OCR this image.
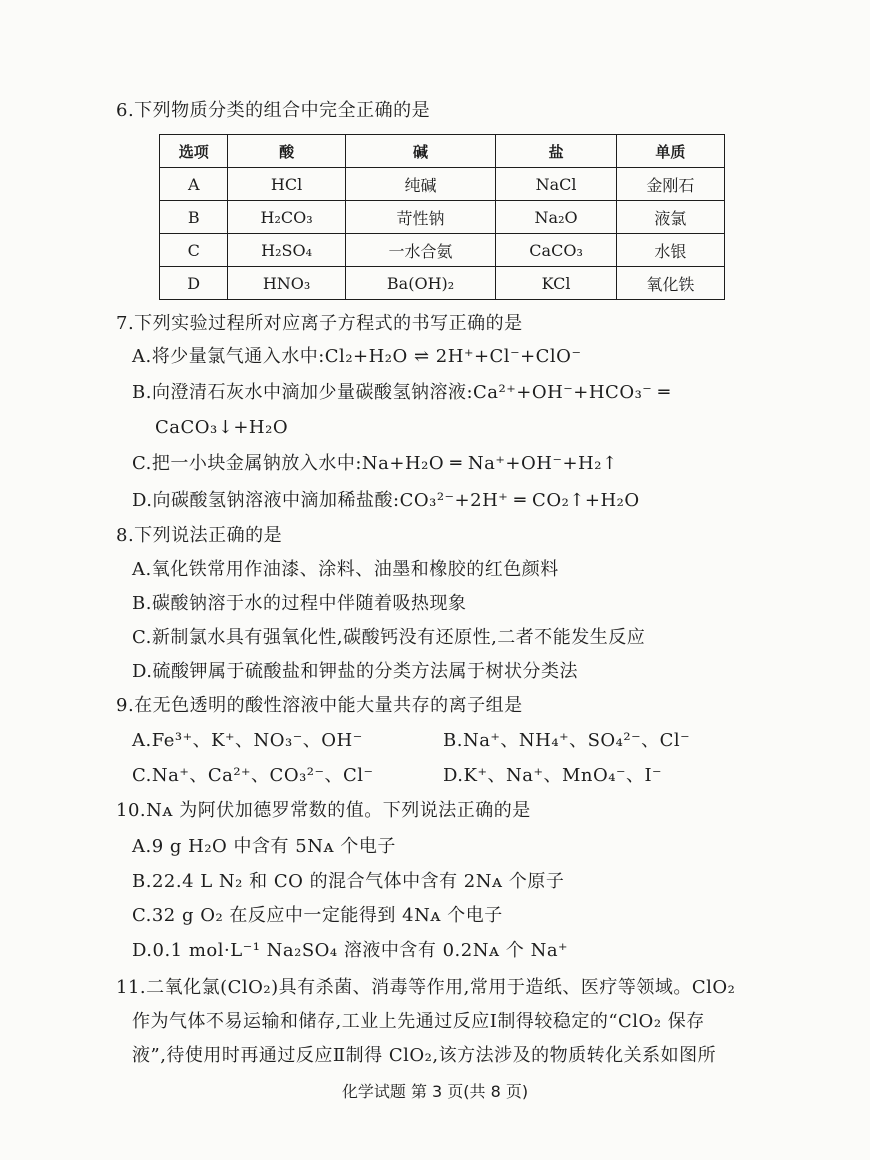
6.下列物质分类的组合中完全正确的是
选项	酸	碱	盐	单质
A	HCl	纯碱	NaCl	金刚石
B	H₂CO₃	苛性钠	Na₂O	液氯
C	H₂SO₄	一水合氨	CaCO₃	水银
D	HNO₃	Ba(OH)₂	KCl	氧化铁
7.下列实验过程所对应离子方程式的书写正确的是
A.将少量氯气通入水中:Cl₂+H₂O ⇌ 2H⁺+Cl⁻+ClO⁻
B.向澄清石灰水中滴加少量碳酸氢钠溶液:Ca²⁺+OH⁻+HCO₃⁻ ═
CaCO₃↓+H₂O
C.把一小块金属钠放入水中:Na+H₂O ═ Na⁺+OH⁻+H₂↑
D.向碳酸氢钠溶液中滴加稀盐酸:CO₃²⁻+2H⁺ ═ CO₂↑+H₂O
8.下列说法正确的是
A.氧化铁常用作油漆、涂料、油墨和橡胶的红色颜料
B.碳酸钠溶于水的过程中伴随着吸热现象
C.新制氯水具有强氧化性,碳酸钙没有还原性,二者不能发生反应
D.硫酸钾属于硫酸盐和钾盐的分类方法属于树状分类法
9.在无色透明的酸性溶液中能大量共存的离子组是
A.Fe³⁺、K⁺、NO₃⁻、OH⁻	B.Na⁺、NH₄⁺、SO₄²⁻、Cl⁻
C.Na⁺、Ca²⁺、CO₃²⁻、Cl⁻	D.K⁺、Na⁺、MnO₄⁻、I⁻
10.Nᴀ 为阿伏加德罗常数的值。下列说法正确的是
A.9 g H₂O 中含有 5Nᴀ 个电子
B.22.4 L N₂ 和 CO 的混合气体中含有 2Nᴀ 个原子
C.32 g O₂ 在反应中一定能得到 4Nᴀ 个电子
D.0.1 mol·L⁻¹ Na₂SO₄ 溶液中含有 0.2Nᴀ 个 Na⁺
11.二氧化氯(ClO₂)具有杀菌、消毒等作用,常用于造纸、医疗等领域。ClO₂
作为气体不易运输和储存,工业上先通过反应Ⅰ制得较稳定的“ClO₂ 保存
液”,待使用时再通过反应Ⅱ制得 ClO₂,该方法涉及的物质转化关系如图所
化学试题 第 3 页(共 8 页)
